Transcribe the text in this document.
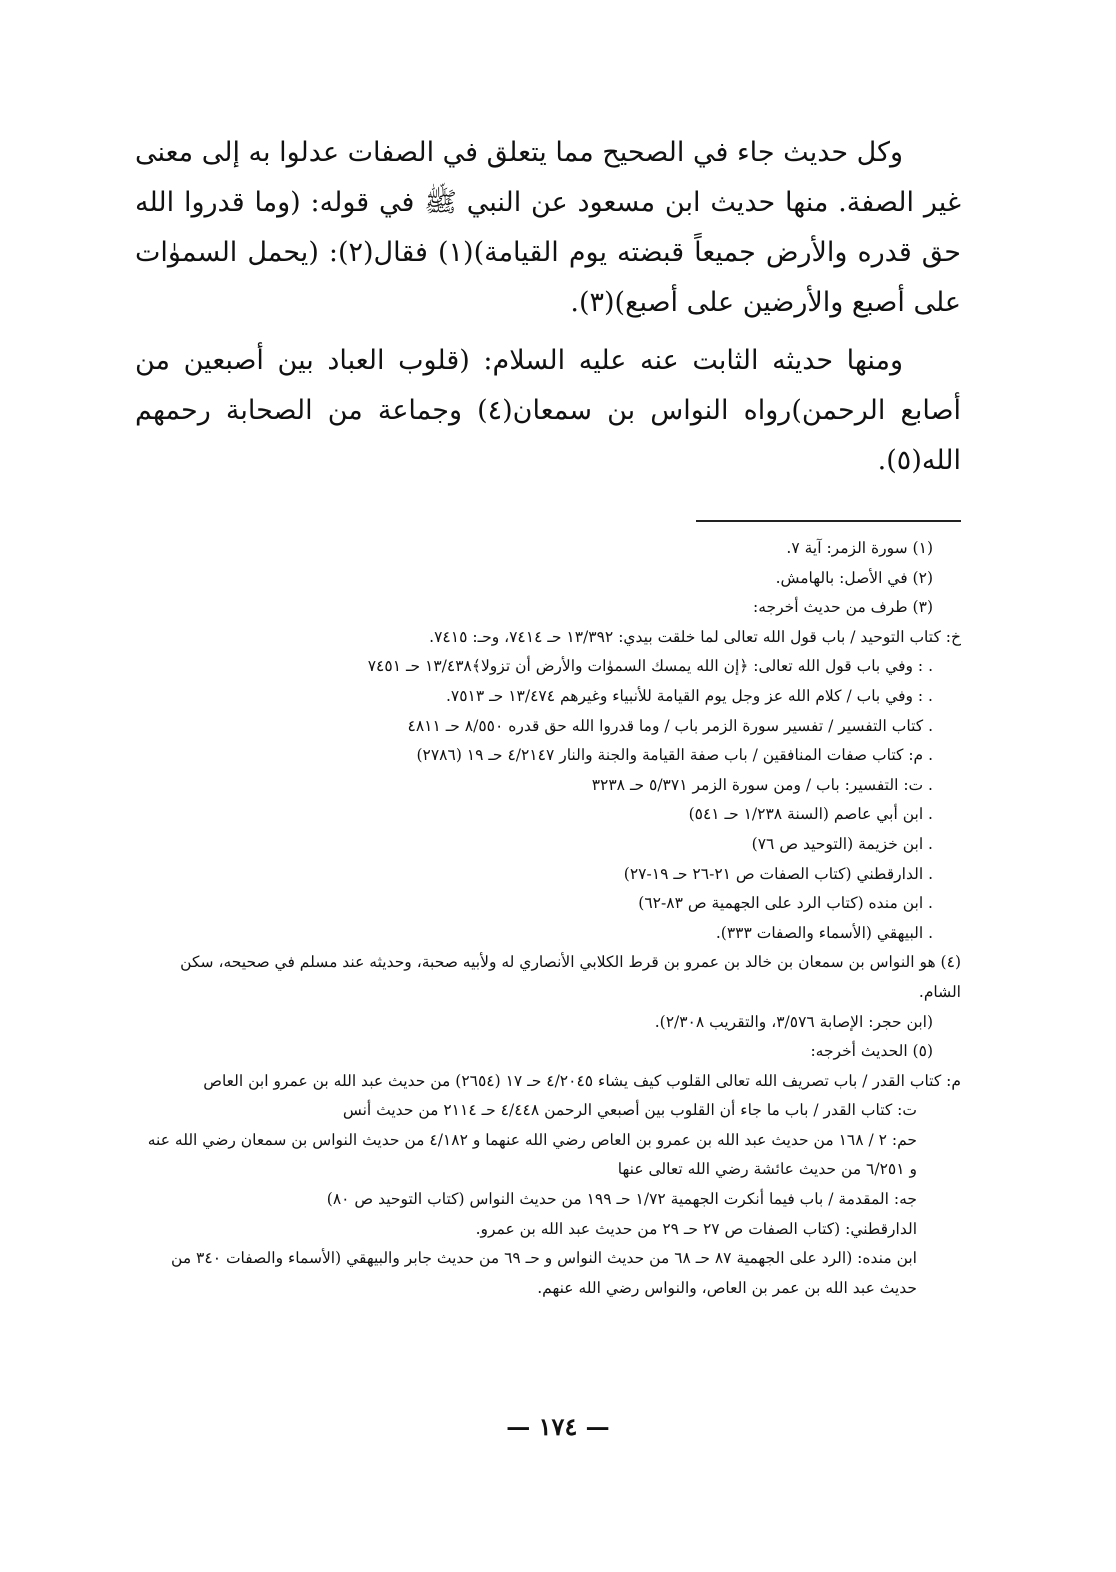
وكل حديث جاء في الصحيح مما يتعلق في الصفات عدلوا به إلى معنى غير الصفة. منها حديث ابن مسعود عن النبي ﷺ في قوله: (وما قدروا الله حق قدره والأرض جميعاً قبضته يوم القيامة)(١) فقال(٢): (يحمل السموٰات على أصبع والأرضين على أصبع)(٣).

ومنها حديثه الثابت عنه عليه السلام: (قلوب العباد بين أصبعين من أصابع الرحمن)رواه النواس بن سمعان(٤) وجماعة من الصحابة رحمهم الله(٥).

(١) سورة الزمر: آية ٧.

(٢) في الأصل: بالهامش.

(٣) طرف من حديث أخرجه:

خ: كتاب التوحيد / باب قول الله تعالى لما خلقت بيدي: ١٣/٣٩٢ حـ ٧٤١٤، وحـ: ٧٤١٥.

. : وفي باب قول الله تعالى: ﴿إن الله يمسك السموٰات والأرض أن تزولا﴾١٣/٤٣٨ حـ ٧٤٥١

. : وفي باب / كلام الله عز وجل يوم القيامة للأنبياء وغيرهم ١٣/٤٧٤ حـ ٧٥١٣.

. كتاب التفسير / تفسير سورة الزمر باب / وما قدروا الله حق قدره ٨/٥٥٠ حـ ٤٨١١

. م: كتاب صفات المنافقين / باب صفة القيامة والجنة والنار ٤/٢١٤٧ حـ ١٩ (٢٧٨٦)

. ت: التفسير: باب / ومن سورة الزمر ٥/٣٧١ حـ ٣٢٣٨

. ابن أبي عاصم (السنة ١/٢٣٨ حـ ٥٤١)

. ابن خزيمة (التوحيد ص ٧٦)

. الدارقطني (كتاب الصفات ص ٢١-٢٦ حـ ١٩-٢٧)

. ابن منده (كتاب الرد على الجهمية ص ٨٣-٦٢)

. البيهقي (الأسماء والصفات ٣٣٣).

(٤) هو النواس بن سمعان بن خالد بن عمرو بن قرط الكلابي الأنصاري له ولأبيه صحبة، وحديثه عند مسلم في صحيحه، سكن الشام.

(ابن حجر: الإصابة ٣/٥٧٦، والتقريب ٢/٣٠٨).

(٥) الحديث أخرجه:

م: كتاب القدر / باب تصريف الله تعالى القلوب كيف يشاء ٤/٢٠٤٥ حـ ١٧ (٢٦٥٤) من حديث عبد الله بن عمرو ابن العاص

ت: كتاب القدر / باب ما جاء أن القلوب بين أصبعي الرحمن ٤/٤٤٨ حـ ٢١١٤ من حديث أنس

حم: ٢ / ١٦٨ من حديث عبد الله بن عمرو بن العاص رضي الله عنهما و ٤/١٨٢ من حديث النواس بن سمعان رضي الله عنه و ٦/٢٥١ من حديث عائشة رضي الله تعالى عنها

جه: المقدمة / باب فيما أنكرت الجهمية ١/٧٢ حـ ١٩٩ من حديث النواس (كتاب التوحيد ص ٨٠)

الدارقطني: (كتاب الصفات ص ٢٧ حـ ٢٩ من حديث عبد الله بن عمرو.

ابن منده: (الرد على الجهمية ٨٧ حـ ٦٨ من حديث النواس و حـ ٦٩ من حديث جابر والبيهقي (الأسماء والصفات ٣٤٠ من حديث عبد الله بن عمر بن العاص، والنواس رضي الله عنهم.

— ١٧٤ —
